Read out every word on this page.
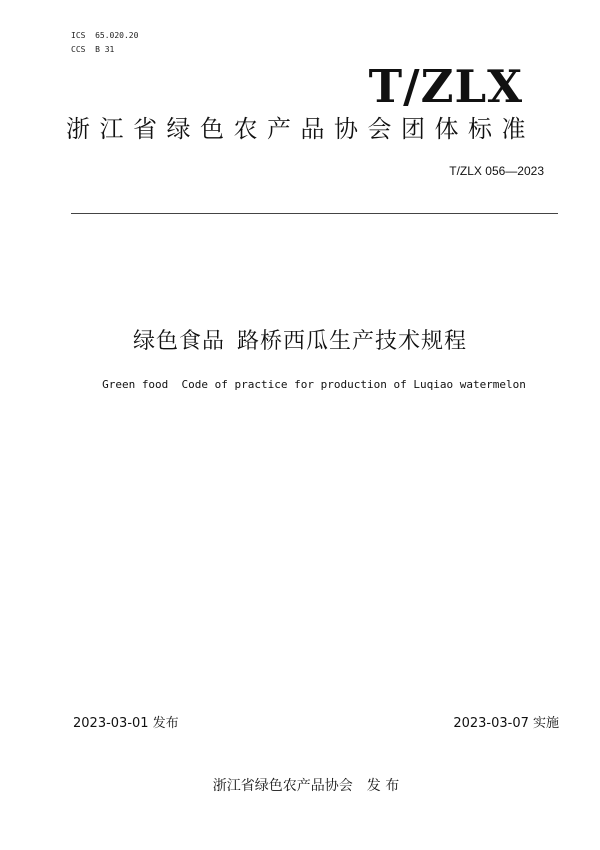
ICS  65.020.20
CCS  B 31
T/ZLX
浙江省绿色农产品协会团体标准
T/ZLX 056—2023
绿色食品 路桥西瓜生产技术规程
Green food  Code of practice for production of Luqiao watermelon
2023-03-01 发布	2023-03-07 实施
浙江省绿色农产品协会 发 布
